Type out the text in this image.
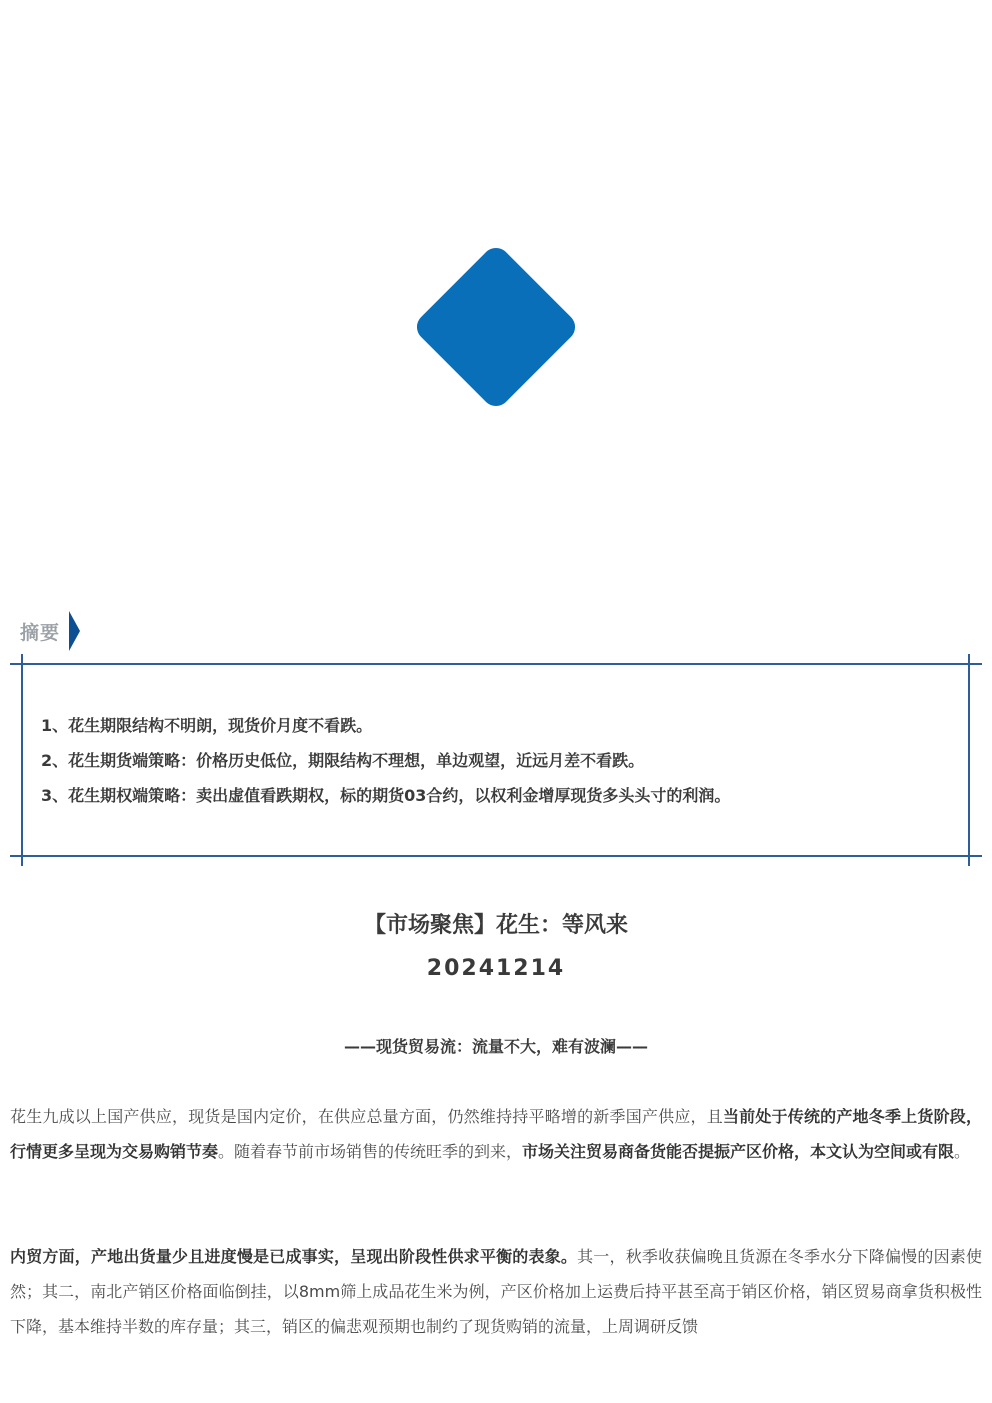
摘要
1、花生期限结构不明朗，现货价月度不看跌。
2、花生期货端策略：价格历史低位，期限结构不理想，单边观望，近远月差不看跌。
3、花生期权端策略：卖出虚值看跌期权，标的期货03合约，以权利金增厚现货多头头寸的利润。
【市场聚焦】花生：等风来
20241214
——现货贸易流：流量不大，难有波澜——
花生九成以上国产供应，现货是国内定价，在供应总量方面，仍然维持持平略增的新季国产供应，且当前处于传统的产地冬季上货阶段，行情更多呈现为交易购销节奏。随着春节前市场销售的传统旺季的到来，市场关注贸易商备货能否提振产区价格，本文认为空间或有限。
内贸方面，产地出货量少且进度慢是已成事实，呈现出阶段性供求平衡的表象。其一，秋季收获偏晚且货源在冬季水分下降偏慢的因素使然；其二，南北产销区价格面临倒挂，以8mm筛上成品花生米为例，产区价格加上运费后持平甚至高于销区价格，销区贸易商拿货积极性下降，基本维持半数的库存量；其三，销区的偏悲观预期也制约了现货购销的流量，上周调研反馈
